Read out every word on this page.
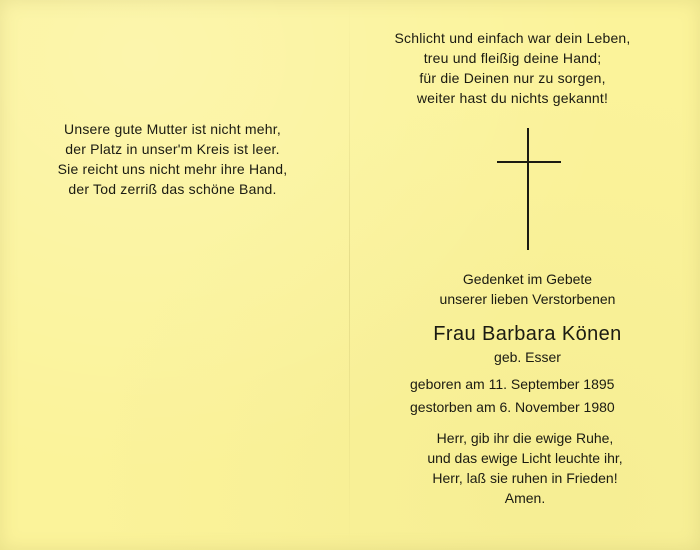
Unsere gute Mutter ist nicht mehr,
der Platz in unser'm Kreis ist leer.
Sie reicht uns nicht mehr ihre Hand,
der Tod zerriß das schöne Band.
Schlicht und einfach war dein Leben,
treu und fleißig deine Hand;
für die Deinen nur zu sorgen,
weiter hast du nichts gekannt!
Gedenket im Gebete
unserer lieben Verstorbenen
Frau Barbara Könen
geb. Esser
geboren am 11. September 1895
gestorben am 6. November 1980
Herr, gib ihr die ewige Ruhe,
und das ewige Licht leuchte ihr,
Herr, laß sie ruhen in Frieden!
Amen.
